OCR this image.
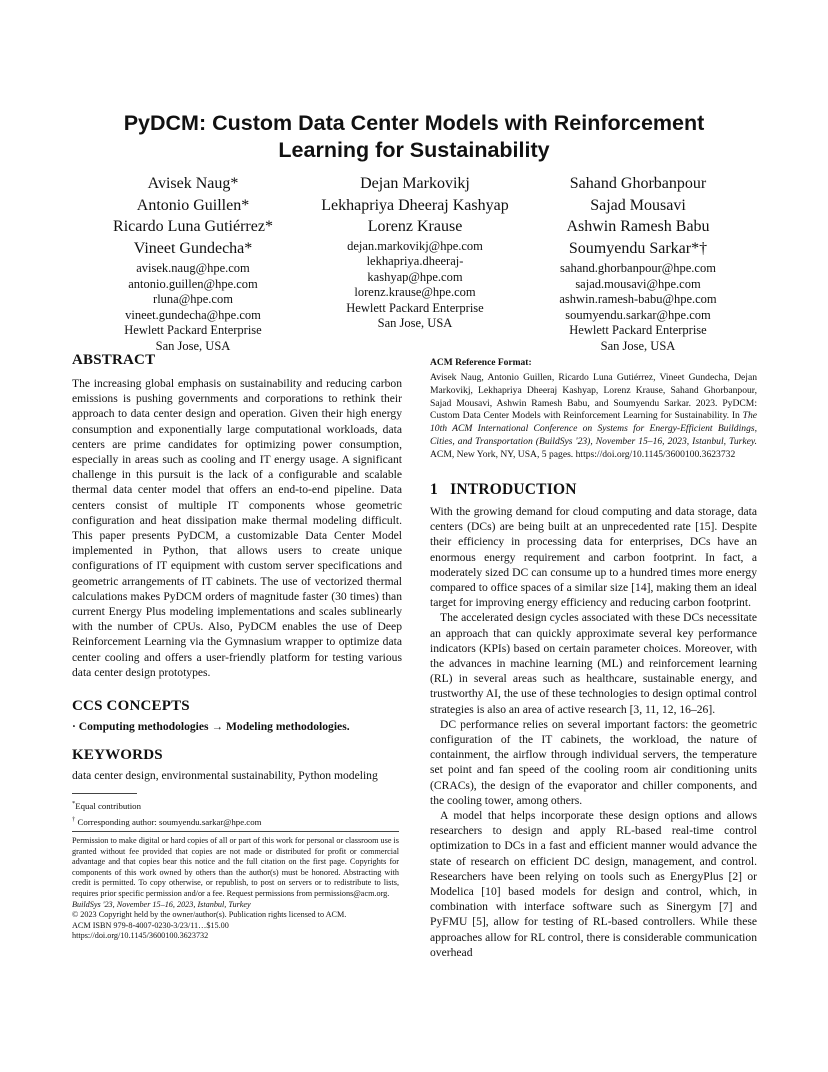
PyDCM: Custom Data Center Models with Reinforcement
Learning for Sustainability
Avisek Naug*
Antonio Guillen*
Ricardo Luna Gutiérrez*
Vineet Gundecha*
avisek.naug@hpe.com
antonio.guillen@hpe.com
rluna@hpe.com
vineet.gundecha@hpe.com
Hewlett Packard Enterprise
San Jose, USA
Dejan Markovikj
Lekhapriya Dheeraj Kashyap
Lorenz Krause
dejan.markovikj@hpe.com
lekhapriya.dheeraj-
kashyap@hpe.com
lorenz.krause@hpe.com
Hewlett Packard Enterprise
San Jose, USA
Sahand Ghorbanpour
Sajad Mousavi
Ashwin Ramesh Babu
Soumyendu Sarkar*†
sahand.ghorbanpour@hpe.com
sajad.mousavi@hpe.com
ashwin.ramesh-babu@hpe.com
soumyendu.sarkar@hpe.com
Hewlett Packard Enterprise
San Jose, USA
ABSTRACT
The increasing global emphasis on sustainability and reducing carbon emissions is pushing governments and corporations to rethink their approach to data center design and operation. Given their high energy consumption and exponentially large computational workloads, data centers are prime candidates for optimizing power consumption, especially in areas such as cooling and IT energy usage. A significant challenge in this pursuit is the lack of a configurable and scalable thermal data center model that offers an end-to-end pipeline. Data centers consist of multiple IT components whose geometric configuration and heat dissipation make thermal modeling difficult. This paper presents PyDCM, a customizable Data Center Model implemented in Python, that allows users to create unique configurations of IT equipment with custom server specifications and geometric arrangements of IT cabinets. The use of vectorized thermal calculations makes PyDCM orders of magnitude faster (30 times) than current Energy Plus modeling implementations and scales sublinearly with the number of CPUs. Also, PyDCM enables the use of Deep Reinforcement Learning via the Gymnasium wrapper to optimize data center cooling and offers a user-friendly platform for testing various data center design prototypes.
CCS CONCEPTS
· Computing methodologies → Modeling methodologies.
KEYWORDS
data center design, environmental sustainability, Python modeling
*Equal contribution
† Corresponding author: soumyendu.sarkar@hpe.com

Permission to make digital or hard copies of all or part of this work for personal or classroom use is granted without fee provided that copies are not made or distributed for profit or commercial advantage and that copies bear this notice and the full citation on the first page. Copyrights for components of this work owned by others than the author(s) must be honored. Abstracting with credit is permitted. To copy otherwise, or republish, to post on servers or to redistribute to lists, requires prior specific permission and/or a fee. Request permissions from permissions@acm.org.

BuildSys '23, November 15–16, 2023, Istanbul, Turkey

© 2023 Copyright held by the owner/author(s). Publication rights licensed to ACM.

ACM ISBN 979-8-4007-0230-3/23/11…$15.00

https://doi.org/10.1145/3600100.3623732

ACM Reference Format:
Avisek Naug, Antonio Guillen, Ricardo Luna Gutiérrez, Vineet Gundecha, Dejan Markovikj, Lekhapriya Dheeraj Kashyap, Lorenz Krause, Sahand Ghorbanpour, Sajad Mousavi, Ashwin Ramesh Babu, and Soumyendu Sarkar. 2023. PyDCM: Custom Data Center Models with Reinforcement Learning for Sustainability. In The 10th ACM International Conference on Systems for Energy-Efficient Buildings, Cities, and Transportation (BuildSys '23), November 15–16, 2023, Istanbul, Turkey. ACM, New York, NY, USA, 5 pages. https://doi.org/10.1145/3600100.3623732
1   INTRODUCTION

With the growing demand for cloud computing and data storage, data centers (DCs) are being built at an unprecedented rate [15]. Despite their efficiency in processing data for enterprises, DCs have an enormous energy requirement and carbon footprint. In fact, a moderately sized DC can consume up to a hundred times more energy compared to office spaces of a similar size [14], making them an ideal target for improving energy efficiency and reducing carbon footprint.

The accelerated design cycles associated with these DCs necessitate an approach that can quickly approximate several key performance indicators (KPIs) based on certain parameter choices. Moreover, with the advances in machine learning (ML) and reinforcement learning (RL) in several areas such as healthcare, sustainable energy, and trustworthy AI, the use of these technologies to design optimal control strategies is also an area of active research [3, 11, 12, 16–26].

DC performance relies on several important factors: the geometric configuration of the IT cabinets, the workload, the nature of containment, the airflow through individual servers, the temperature set point and fan speed of the cooling room air conditioning units (CRACs), the design of the evaporator and chiller components, and the cooling tower, among others.

A model that helps incorporate these design options and allows researchers to design and apply RL-based real-time control optimization to DCs in a fast and efficient manner would advance the state of research on efficient DC design, management, and control. Researchers have been relying on tools such as EnergyPlus [2] or Modelica [10] based models for design and control, which, in combination with interface software such as Sinergym [7] and PyFMU [5], allow for testing of RL-based controllers. While these approaches allow for RL control, there is considerable communication overhead
